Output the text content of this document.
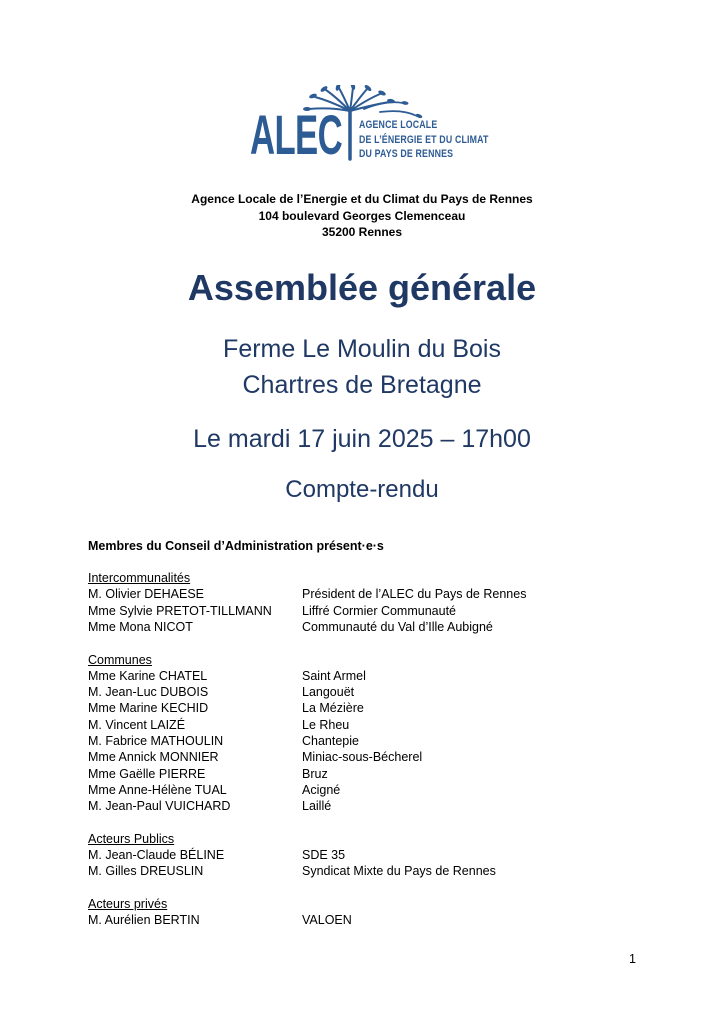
ALEC AGENCE LOCALE
DE L’ÉNERGIE ET DU CLIMAT
DU PAYS DE RENNES
Agence Locale de l’Energie et du Climat du Pays de Rennes
104 boulevard Georges Clemenceau
35200 Rennes
Assemblée générale
Ferme Le Moulin du Bois
Chartres de Bretagne
Le mardi 17 juin 2025 – 17h00
Compte-rendu
Membres du Conseil d’Administration présent·e·s
Intercommunalités
M. Olivier DEHAESE	Président de l’ALEC du Pays de Rennes
Mme Sylvie PRETOT-TILLMANN	Liffré Cormier Communauté
Mme Mona NICOT	Communauté du Val d’Ille Aubigné
Communes
Mme Karine CHATEL	Saint Armel
M. Jean-Luc DUBOIS	Langouët
Mme Marine KECHID	La Mézière
M. Vincent LAIZÉ	Le Rheu
M. Fabrice MATHOULIN	Chantepie
Mme Annick MONNIER	Miniac-sous-Bécherel
Mme Gaëlle PIERRE	Bruz
Mme Anne-Hélène TUAL	Acigné
M. Jean-Paul VUICHARD	Laillé
Acteurs Publics
M. Jean-Claude BÉLINE	SDE 35
M. Gilles DREUSLIN	Syndicat Mixte du Pays de Rennes
Acteurs privés
M. Aurélien BERTIN	VALOEN
1
